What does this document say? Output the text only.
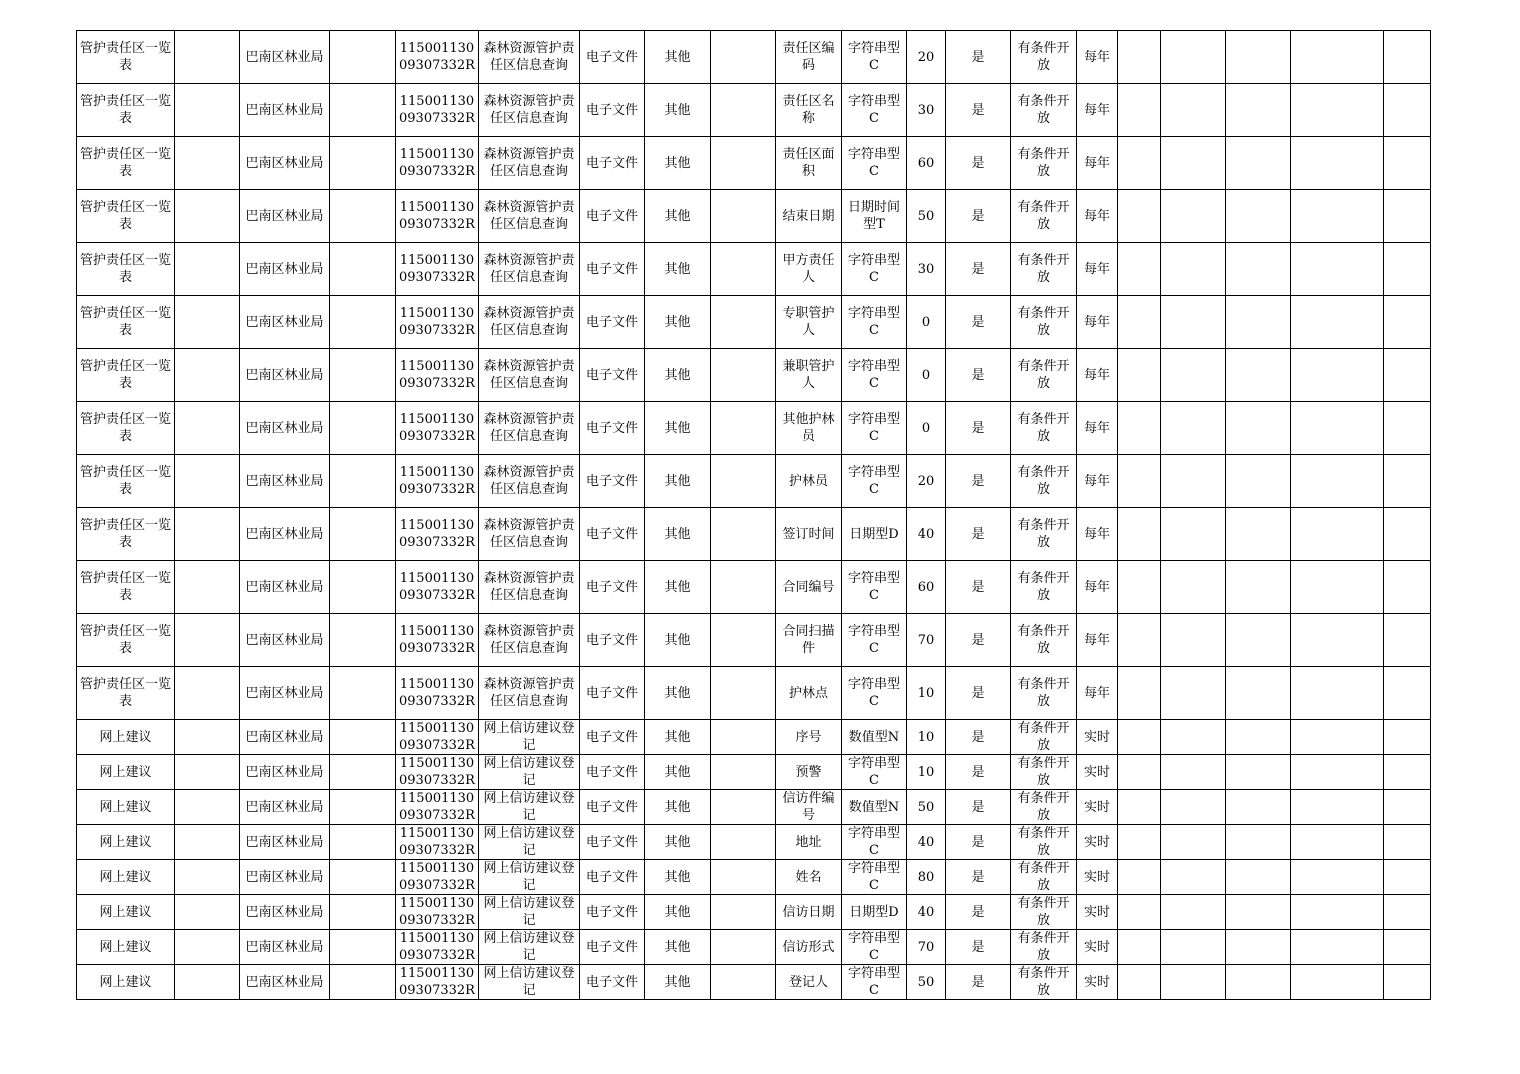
管护责任区一览表		巴南区林业局		11500113009307332R	森林资源管护责任区信息查询	电子文件	其他		责任区编码	字符串型C	20	是	有条件开放	每年					
管护责任区一览表		巴南区林业局		11500113009307332R	森林资源管护责任区信息查询	电子文件	其他		责任区名称	字符串型C	30	是	有条件开放	每年					
管护责任区一览表		巴南区林业局		11500113009307332R	森林资源管护责任区信息查询	电子文件	其他		责任区面积	字符串型C	60	是	有条件开放	每年					
管护责任区一览表		巴南区林业局		11500113009307332R	森林资源管护责任区信息查询	电子文件	其他		结束日期	日期时间型T	50	是	有条件开放	每年					
管护责任区一览表		巴南区林业局		11500113009307332R	森林资源管护责任区信息查询	电子文件	其他		甲方责任人	字符串型C	30	是	有条件开放	每年					
管护责任区一览表		巴南区林业局		11500113009307332R	森林资源管护责任区信息查询	电子文件	其他		专职管护人	字符串型C	0	是	有条件开放	每年					
管护责任区一览表		巴南区林业局		11500113009307332R	森林资源管护责任区信息查询	电子文件	其他		兼职管护人	字符串型C	0	是	有条件开放	每年					
管护责任区一览表		巴南区林业局		11500113009307332R	森林资源管护责任区信息查询	电子文件	其他		其他护林员	字符串型C	0	是	有条件开放	每年					
管护责任区一览表		巴南区林业局		11500113009307332R	森林资源管护责任区信息查询	电子文件	其他		护林员	字符串型C	20	是	有条件开放	每年					
管护责任区一览表		巴南区林业局		11500113009307332R	森林资源管护责任区信息查询	电子文件	其他		签订时间	日期型D	40	是	有条件开放	每年					
管护责任区一览表		巴南区林业局		11500113009307332R	森林资源管护责任区信息查询	电子文件	其他		合同编号	字符串型C	60	是	有条件开放	每年					
管护责任区一览表		巴南区林业局		11500113009307332R	森林资源管护责任区信息查询	电子文件	其他		合同扫描件	字符串型C	70	是	有条件开放	每年					
管护责任区一览表		巴南区林业局		11500113009307332R	森林资源管护责任区信息查询	电子文件	其他		护林点	字符串型C	10	是	有条件开放	每年					
网上建议		巴南区林业局		11500113009307332R	网上信访建议登记	电子文件	其他		序号	数值型N	10	是	有条件开放	实时					
网上建议		巴南区林业局		11500113009307332R	网上信访建议登记	电子文件	其他		预警	字符串型C	10	是	有条件开放	实时					
网上建议		巴南区林业局		11500113009307332R	网上信访建议登记	电子文件	其他		信访件编号	数值型N	50	是	有条件开放	实时					
网上建议		巴南区林业局		11500113009307332R	网上信访建议登记	电子文件	其他		地址	字符串型C	40	是	有条件开放	实时					
网上建议		巴南区林业局		11500113009307332R	网上信访建议登记	电子文件	其他		姓名	字符串型C	80	是	有条件开放	实时					
网上建议		巴南区林业局		11500113009307332R	网上信访建议登记	电子文件	其他		信访日期	日期型D	40	是	有条件开放	实时					
网上建议		巴南区林业局		11500113009307332R	网上信访建议登记	电子文件	其他		信访形式	字符串型C	70	是	有条件开放	实时					
网上建议		巴南区林业局		11500113009307332R	网上信访建议登记	电子文件	其他		登记人	字符串型C	50	是	有条件开放	实时					
